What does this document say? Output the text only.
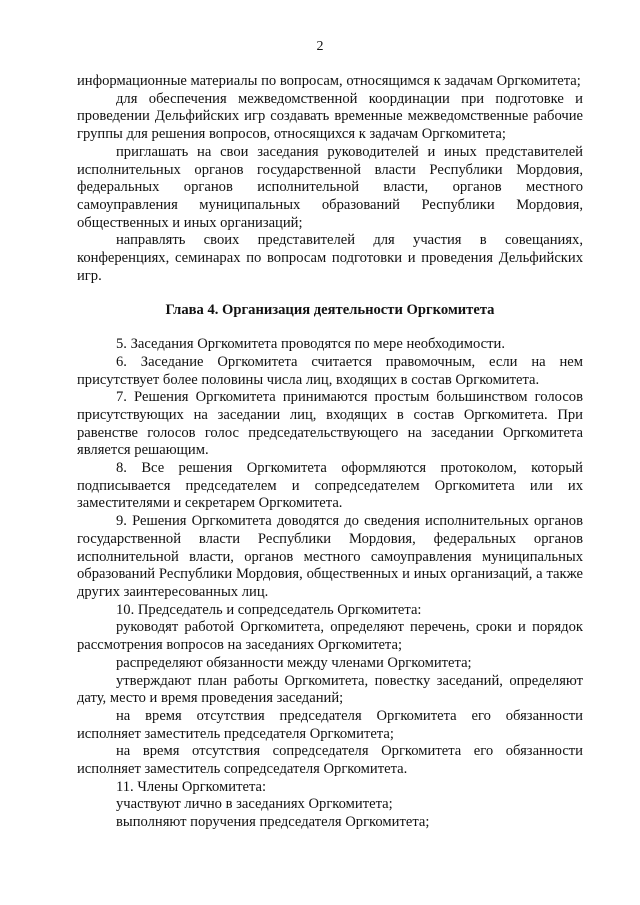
2

информационные материалы по вопросам, относящимся к задачам Оргкомитета;

для обеспечения межведомственной координации при подготовке и проведении Дельфийских игр создавать временные межведомственные рабочие группы для решения вопросов, относящихся к задачам Оргкомитета;

приглашать на свои заседания руководителей и иных представителей исполнительных органов государственной власти Республики Мордовия, федеральных органов исполнительной власти, органов местного самоуправления муниципальных образований Республики Мордовия, общественных и иных организаций;

направлять своих представителей для участия в совещаниях, конференциях, семинарах по вопросам подготовки и проведения Дельфийских игр.

Глава 4. Организация деятельности Оргкомитета

5. Заседания Оргкомитета проводятся по мере необходимости.

6. Заседание Оргкомитета считается правомочным, если на нем присутствует более половины числа лиц, входящих в состав Оргкомитета.

7. Решения Оргкомитета принимаются простым большинством голосов присутствующих на заседании лиц, входящих в состав Оргкомитета. При равенстве голосов голос председательствующего на заседании Оргкомитета является решающим.

8. Все решения Оргкомитета оформляются протоколом, который подписывается председателем и сопредседателем Оргкомитета или их заместителями и секретарем Оргкомитета.

9. Решения Оргкомитета доводятся до сведения исполнительных органов государственной власти Республики Мордовия, федеральных органов исполнительной власти, органов местного самоуправления муниципальных образований Республики Мордовия, общественных и иных организаций, а также других заинтересованных лиц.

10. Председатель и сопредседатель Оргкомитета:

руководят работой Оргкомитета, определяют перечень, сроки и порядок рассмотрения вопросов на заседаниях Оргкомитета;

распределяют обязанности между членами Оргкомитета;

утверждают план работы Оргкомитета, повестку заседаний, определяют дату, место и время проведения заседаний;

на время отсутствия председателя Оргкомитета его обязанности исполняет заместитель председателя Оргкомитета;

на время отсутствия сопредседателя Оргкомитета его обязанности исполняет заместитель сопредседателя Оргкомитета.

11. Члены Оргкомитета:

участвуют лично в заседаниях Оргкомитета;

выполняют поручения председателя Оргкомитета;
